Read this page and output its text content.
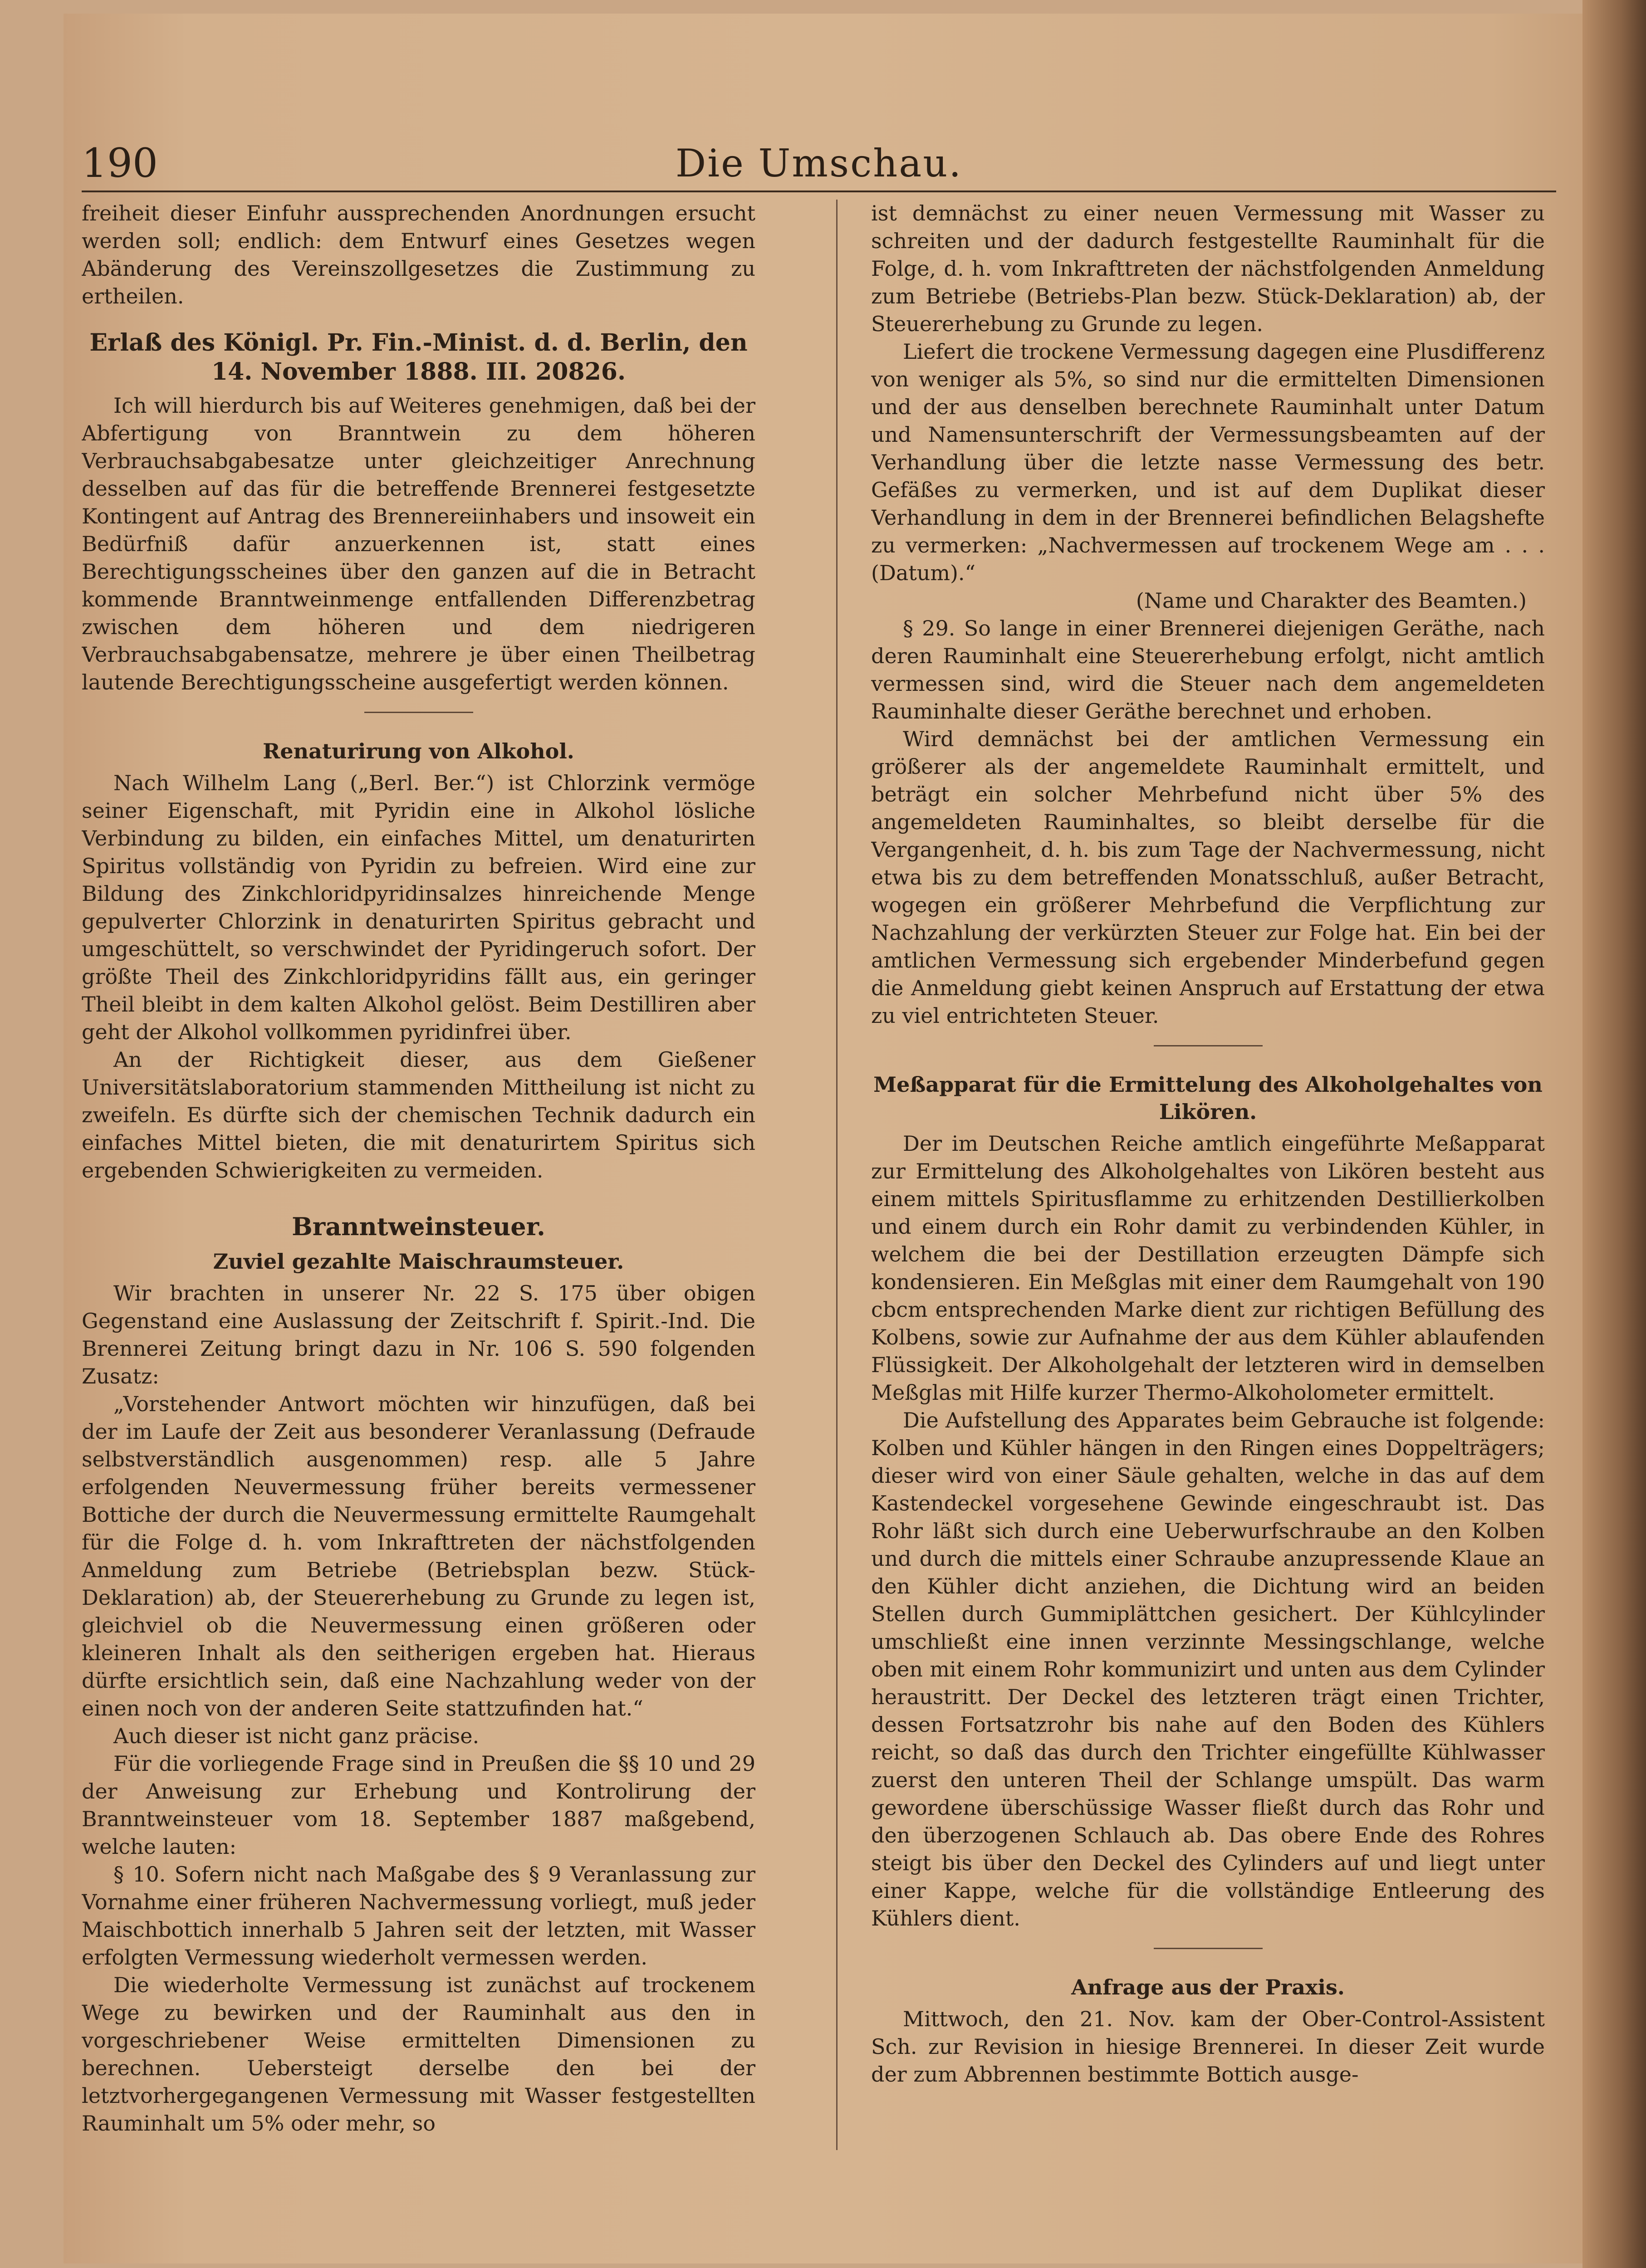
190	Die Umschau.

freiheit dieser Einfuhr aussprechenden Anordnungen ersucht werden soll; endlich: dem Entwurf eines Gesetzes wegen Abänderung des Vereinszollgesetzes die Zustimmung zu ertheilen.

Erlaß des Königl. Pr. Fin.-Minist. d. d. Berlin, den 14. November 1888. III. 20826.

Ich will hierdurch bis auf Weiteres genehmigen, daß bei der Abfertigung von Branntwein zu dem höheren Verbrauchsabgabesatze unter gleichzeitiger Anrechnung desselben auf das für die betreffende Brennerei festgesetzte Kontingent auf Antrag des Brennereiinhabers und insoweit ein Bedürfniß dafür anzuerkennen ist, statt eines Berechtigungsscheines über den ganzen auf die in Betracht kommende Branntweinmenge entfallenden Differenzbetrag zwischen dem höheren und dem niedrigeren Verbrauchsabgabensatze, mehrere je über einen Theilbetrag lautende Berechtigungsscheine ausgefertigt werden können.

Renaturirung von Alkohol.

Nach Wilhelm Lang („Berl. Ber.“) ist Chlorzink vermöge seiner Eigenschaft, mit Pyridin eine in Alkohol lösliche Verbindung zu bilden, ein einfaches Mittel, um denaturirten Spiritus vollständig von Pyridin zu befreien. Wird eine zur Bildung des Zinkchloridpyridinsalzes hinreichende Menge gepulverter Chlorzink in denaturirten Spiritus gebracht und umgeschüttelt, so verschwindet der Pyridingeruch sofort. Der größte Theil des Zinkchloridpyridins fällt aus, ein geringer Theil bleibt in dem kalten Alkohol gelöst. Beim Destilliren aber geht der Alkohol vollkommen pyridinfrei über.

An der Richtigkeit dieser, aus dem Gießener Universitätslaboratorium stammenden Mittheilung ist nicht zu zweifeln. Es dürfte sich der chemischen Technik dadurch ein einfaches Mittel bieten, die mit denaturirtem Spiritus sich ergebenden Schwierigkeiten zu vermeiden.

Branntweinsteuer.
Zuviel gezahlte Maischraumsteuer.

Wir brachten in unserer Nr. 22 S. 175 über obigen Gegenstand eine Auslassung der Zeitschrift f. Spirit.-Ind. Die Brennerei Zeitung bringt dazu in Nr. 106 S. 590 folgenden Zusatz:

„Vorstehender Antwort möchten wir hinzufügen, daß bei der im Laufe der Zeit aus besonderer Veranlassung (Defraude selbstverständlich ausgenommen) resp. alle 5 Jahre erfolgenden Neuvermessung früher bereits vermessener Bottiche der durch die Neuvermessung ermittelte Raumgehalt für die Folge d. h. vom Inkrafttreten der nächstfolgenden Anmeldung zum Betriebe (Betriebsplan bezw. Stück-Deklaration) ab, der Steuererhebung zu Grunde zu legen ist, gleichviel ob die Neuvermessung einen größeren oder kleineren Inhalt als den seitherigen ergeben hat. Hieraus dürfte ersichtlich sein, daß eine Nachzahlung weder von der einen noch von der anderen Seite stattzufinden hat.“

Auch dieser ist nicht ganz präcise.

Für die vorliegende Frage sind in Preußen die §§ 10 und 29 der Anweisung zur Erhebung und Kontrolirung der Branntweinsteuer vom 18. September 1887 maßgebend, welche lauten:

§ 10. Sofern nicht nach Maßgabe des § 9 Veranlassung zur Vornahme einer früheren Nachvermessung vorliegt, muß jeder Maischbottich innerhalb 5 Jahren seit der letzten, mit Wasser erfolgten Vermessung wiederholt vermessen werden.

Die wiederholte Vermessung ist zunächst auf trockenem Wege zu bewirken und der Rauminhalt aus den in vorgeschriebener Weise ermittelten Dimensionen zu berechnen. Uebersteigt derselbe den bei der letztvorhergegangenen Vermessung mit Wasser festgestellten Rauminhalt um 5% oder mehr, so

ist demnächst zu einer neuen Vermessung mit Wasser zu schreiten und der dadurch festgestellte Rauminhalt für die Folge, d. h. vom Inkrafttreten der nächstfolgenden Anmeldung zum Betriebe (Betriebs-Plan bezw. Stück-Deklaration) ab, der Steuererhebung zu Grunde zu legen.

Liefert die trockene Vermessung dagegen eine Plusdifferenz von weniger als 5%, so sind nur die ermittelten Dimensionen und der aus denselben berechnete Rauminhalt unter Datum und Namensunterschrift der Vermessungsbeamten auf der Verhandlung über die letzte nasse Vermessung des betr. Gefäßes zu vermerken, und ist auf dem Duplikat dieser Verhandlung in dem in der Brennerei befindlichen Belagshefte zu vermerken: „Nachvermessen auf trockenem Wege am . . . (Datum).“

(Name und Charakter des Beamten.)

§ 29. So lange in einer Brennerei diejenigen Geräthe, nach deren Rauminhalt eine Steuererhebung erfolgt, nicht amtlich vermessen sind, wird die Steuer nach dem angemeldeten Rauminhalte dieser Geräthe berechnet und erhoben.

Wird demnächst bei der amtlichen Vermessung ein größerer als der angemeldete Rauminhalt ermittelt, und beträgt ein solcher Mehrbefund nicht über 5% des angemeldeten Rauminhaltes, so bleibt derselbe für die Vergangenheit, d. h. bis zum Tage der Nachvermessung, nicht etwa bis zu dem betreffenden Monatsschluß, außer Betracht, wogegen ein größerer Mehrbefund die Verpflichtung zur Nachzahlung der verkürzten Steuer zur Folge hat. Ein bei der amtlichen Vermessung sich ergebender Minderbefund gegen die Anmeldung giebt keinen Anspruch auf Erstattung der etwa zu viel entrichteten Steuer.

Meßapparat für die Ermittelung des Alkoholgehaltes von Likören.

Der im Deutschen Reiche amtlich eingeführte Meßapparat zur Ermittelung des Alkoholgehaltes von Likören besteht aus einem mittels Spiritusflamme zu erhitzenden Destillierkolben und einem durch ein Rohr damit zu verbindenden Kühler, in welchem die bei der Destillation erzeugten Dämpfe sich kondensieren. Ein Meßglas mit einer dem Raumgehalt von 190 cbcm entsprechenden Marke dient zur richtigen Befüllung des Kolbens, sowie zur Aufnahme der aus dem Kühler ablaufenden Flüssigkeit. Der Alkoholgehalt der letzteren wird in demselben Meßglas mit Hilfe kurzer Thermo-Alkoholometer ermittelt.

Die Aufstellung des Apparates beim Gebrauche ist folgende: Kolben und Kühler hängen in den Ringen eines Doppelträgers; dieser wird von einer Säule gehalten, welche in das auf dem Kastendeckel vorgesehene Gewinde eingeschraubt ist. Das Rohr läßt sich durch eine Ueberwurfschraube an den Kolben und durch die mittels einer Schraube anzupressende Klaue an den Kühler dicht anziehen, die Dichtung wird an beiden Stellen durch Gummiplättchen gesichert. Der Kühlcylinder umschließt eine innen verzinnte Messingschlange, welche oben mit einem Rohr kommunizirt und unten aus dem Cylinder heraustritt. Der Deckel des letzteren trägt einen Trichter, dessen Fortsatzrohr bis nahe auf den Boden des Kühlers reicht, so daß das durch den Trichter eingefüllte Kühlwasser zuerst den unteren Theil der Schlange umspült. Das warm gewordene überschüssige Wasser fließt durch das Rohr und den überzogenen Schlauch ab. Das obere Ende des Rohres steigt bis über den Deckel des Cylinders auf und liegt unter einer Kappe, welche für die vollständige Entleerung des Kühlers dient.

Anfrage aus der Praxis.

Mittwoch, den 21. Nov. kam der Ober-Control-Assistent Sch. zur Revision in hiesige Brennerei. In dieser Zeit wurde der zum Abbrennen bestimmte Bottich ausge-
